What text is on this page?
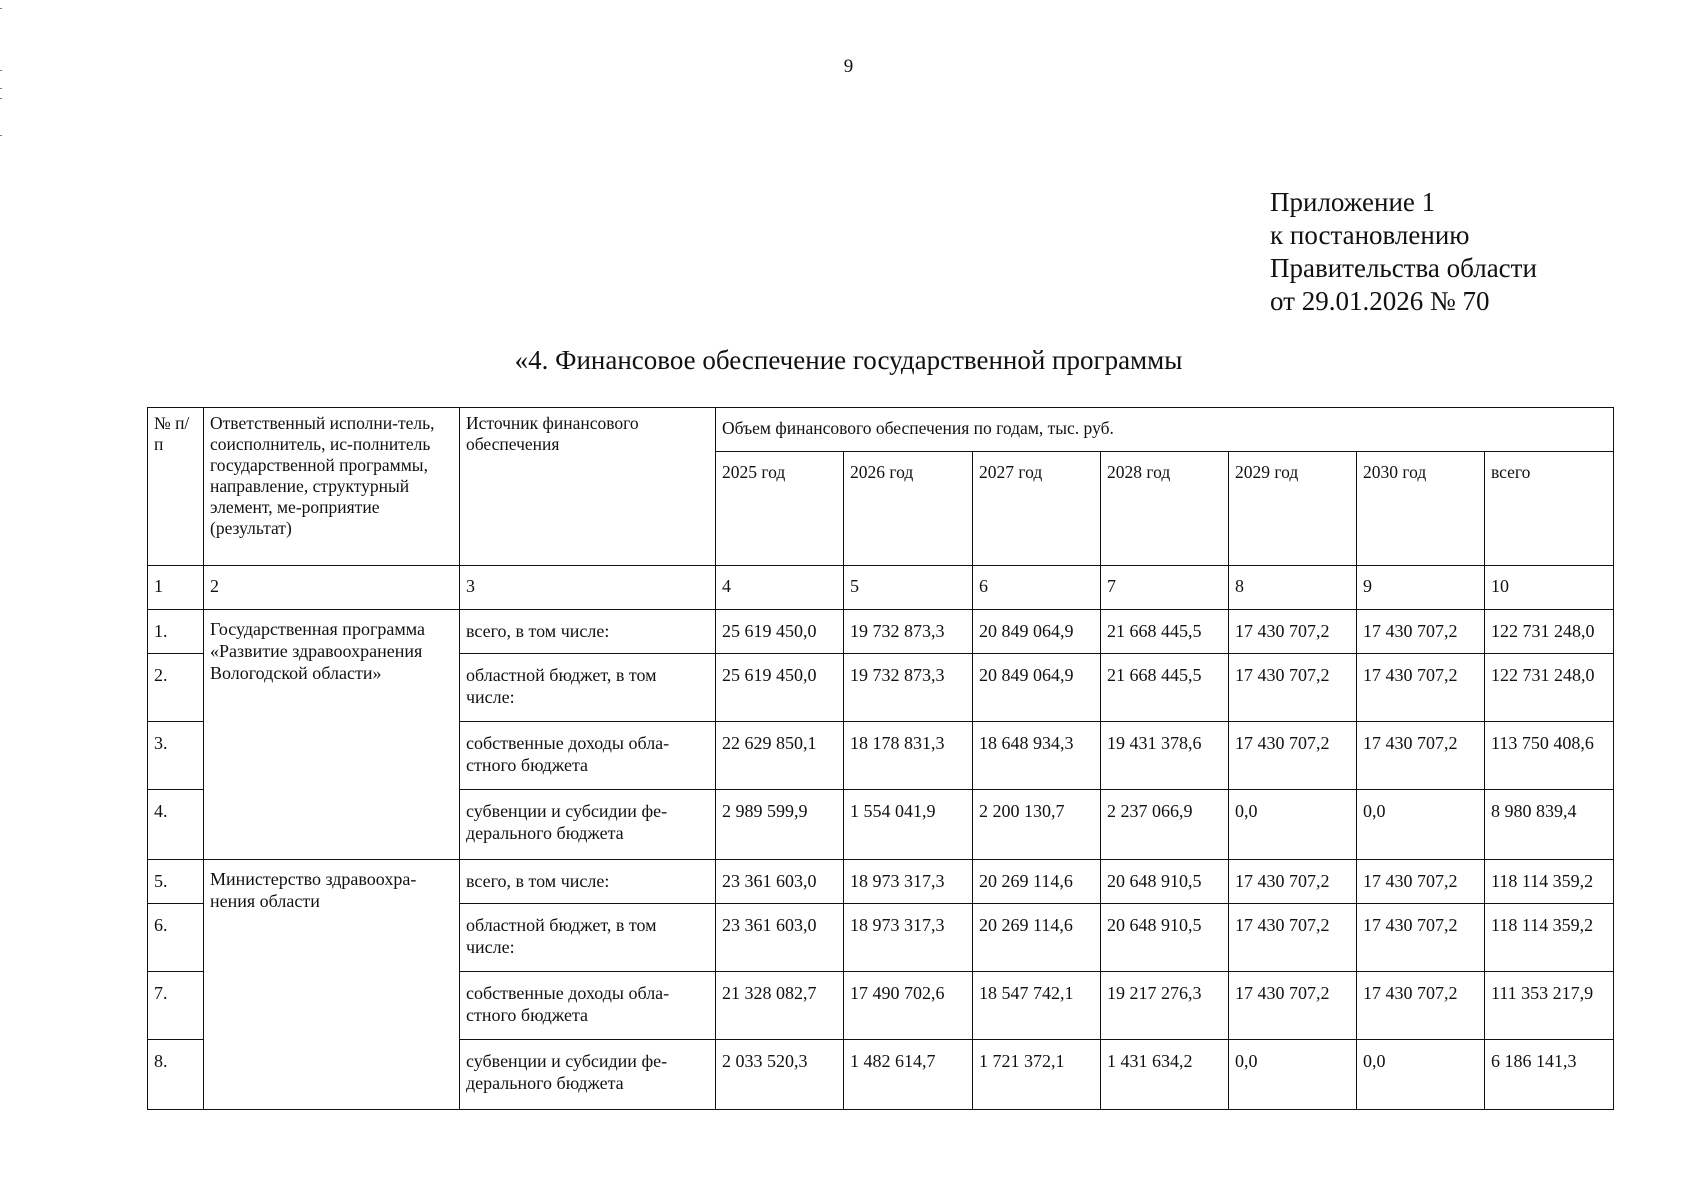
9
Приложение 1
к постановлению
Правительства области
от 29.01.2026 № 70
«4. Финансовое обеспечение государственной программы
№ п/п	Ответственный исполни-тель, соисполнитель, ис-полнитель государственной программы, направление, структурный элемент, ме-роприятие (результат)	Источник финансового обеспечения	Объем финансового обеспечения по годам, тыс. руб.						
			2025 год	2026 год	2027 год	2028 год	2029 год	2030 год	всего
1	2	3	4	5	6	7	8	9	10
1.	Государственная программа «Развитие здравоохранения Вологодской области»	всего, в том числе:	25 619 450,0	19 732 873,3	20 849 064,9	21 668 445,5	17 430 707,2	17 430 707,2	122 731 248,0
2.		областной бюджет, в том числе:	25 619 450,0	19 732 873,3	20 849 064,9	21 668 445,5	17 430 707,2	17 430 707,2	122 731 248,0
3.		собственные доходы обла-стного бюджета	22 629 850,1	18 178 831,3	18 648 934,3	19 431 378,6	17 430 707,2	17 430 707,2	113 750 408,6
4.		субвенции и субсидии фе-дерального бюджета	2 989 599,9	1 554 041,9	2 200 130,7	2 237 066,9	0,0	0,0	8 980 839,4
5.	Министерство здравоохра-нения области	всего, в том числе:	23 361 603,0	18 973 317,3	20 269 114,6	20 648 910,5	17 430 707,2	17 430 707,2	118 114 359,2
6.		областной бюджет, в том числе:	23 361 603,0	18 973 317,3	20 269 114,6	20 648 910,5	17 430 707,2	17 430 707,2	118 114 359,2
7.		собственные доходы обла-стного бюджета	21 328 082,7	17 490 702,6	18 547 742,1	19 217 276,3	17 430 707,2	17 430 707,2	111 353 217,9
8.		субвенции и субсидии фе-дерального бюджета	2 033 520,3	1 482 614,7	1 721 372,1	1 431 634,2	0,0	0,0	6 186 141,3
